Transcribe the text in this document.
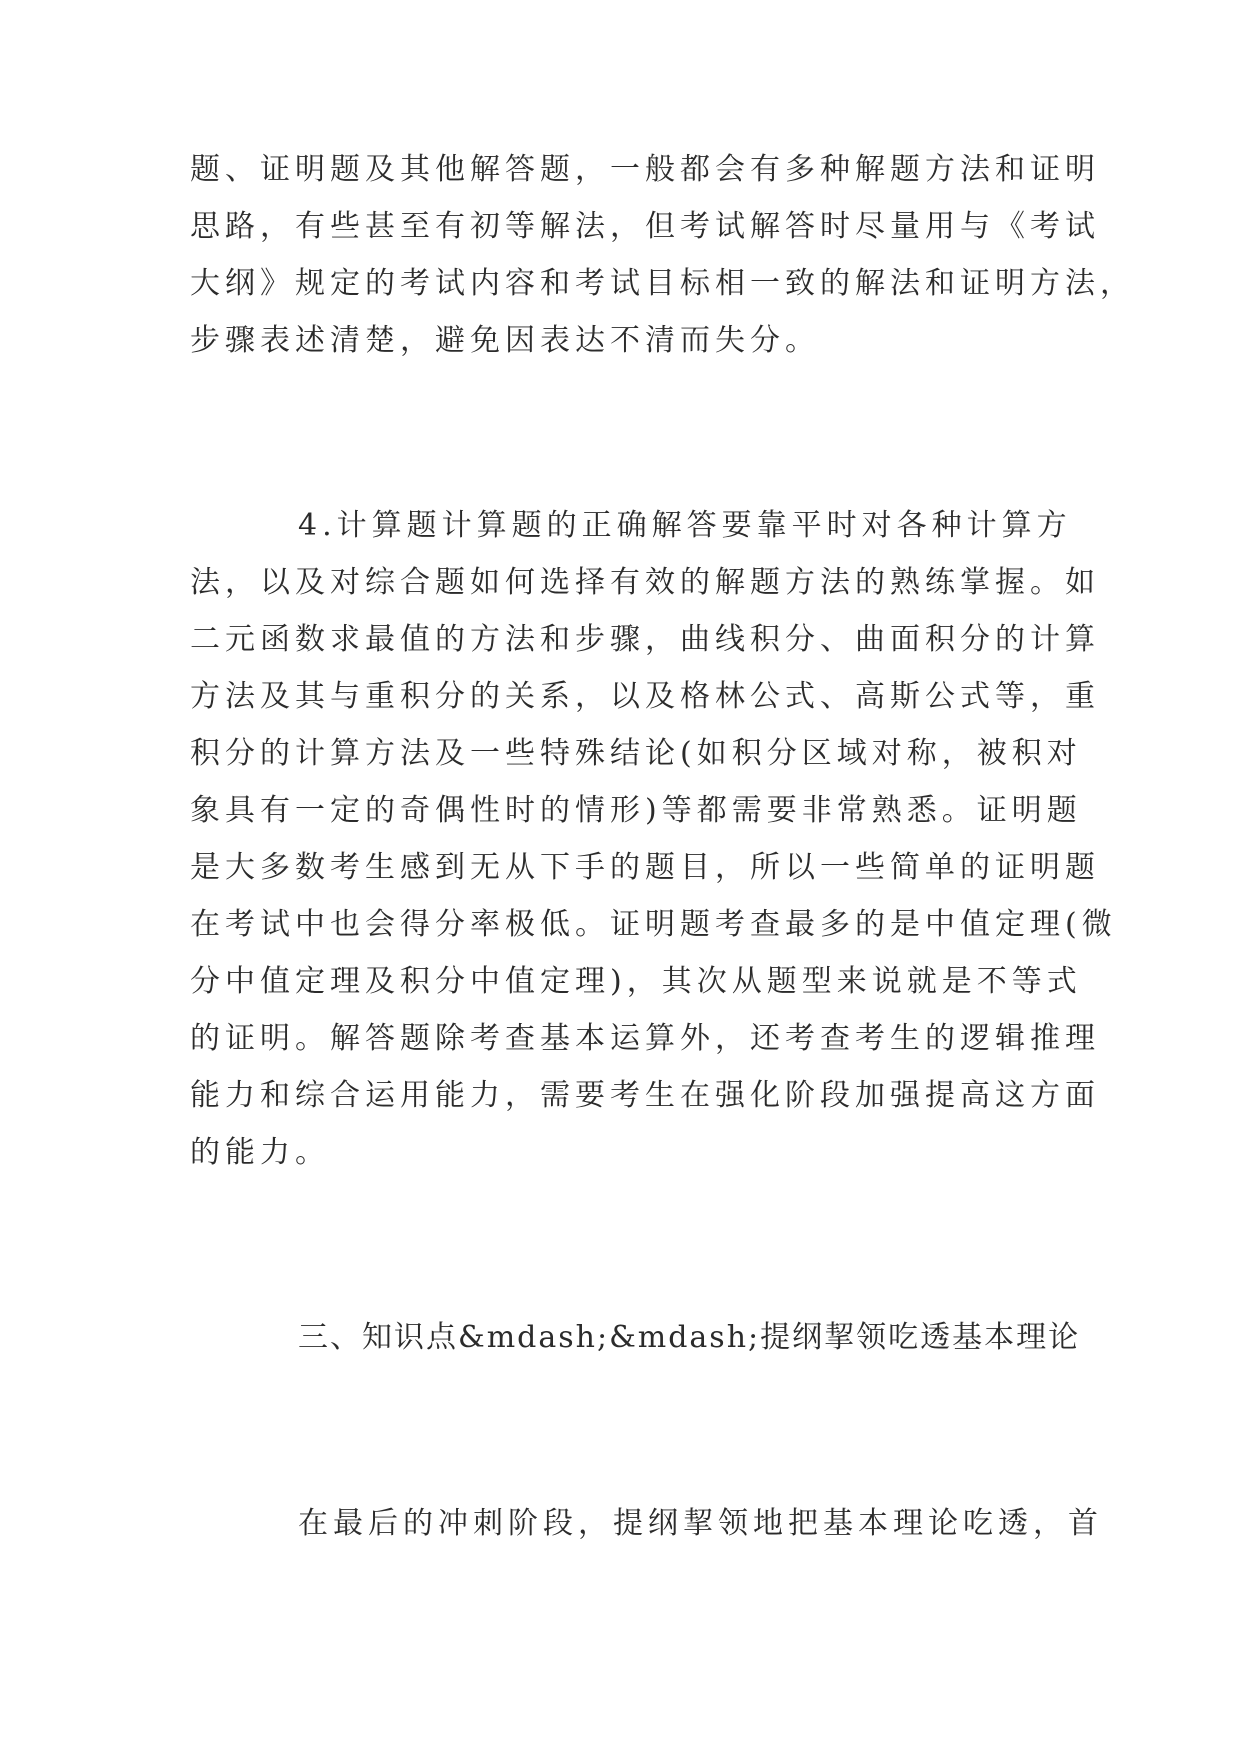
题、证明题及其他解答题，一般都会有多种解题方法和证明
思路，有些甚至有初等解法，但考试解答时尽量用与《考试
大纲》规定的考试内容和考试目标相一致的解法和证明方法，
步骤表述清楚，避免因表达不清而失分。
4.计算题计算题的正确解答要靠平时对各种计算方
法，以及对综合题如何选择有效的解题方法的熟练掌握。如
二元函数求最值的方法和步骤，曲线积分、曲面积分的计算
方法及其与重积分的关系，以及格林公式、高斯公式等，重
积分的计算方法及一些特殊结论(如积分区域对称，被积对
象具有一定的奇偶性时的情形)等都需要非常熟悉。证明题
是大多数考生感到无从下手的题目，所以一些简单的证明题
在考试中也会得分率极低。证明题考查最多的是中值定理(微
分中值定理及积分中值定理)，其次从题型来说就是不等式
的证明。解答题除考查基本运算外，还考查考生的逻辑推理
能力和综合运用能力，需要考生在强化阶段加强提高这方面
的能力。
三、知识点&mdash;&mdash;提纲挈领吃透基本理论
在最后的冲刺阶段，提纲挈领地把基本理论吃透，首
